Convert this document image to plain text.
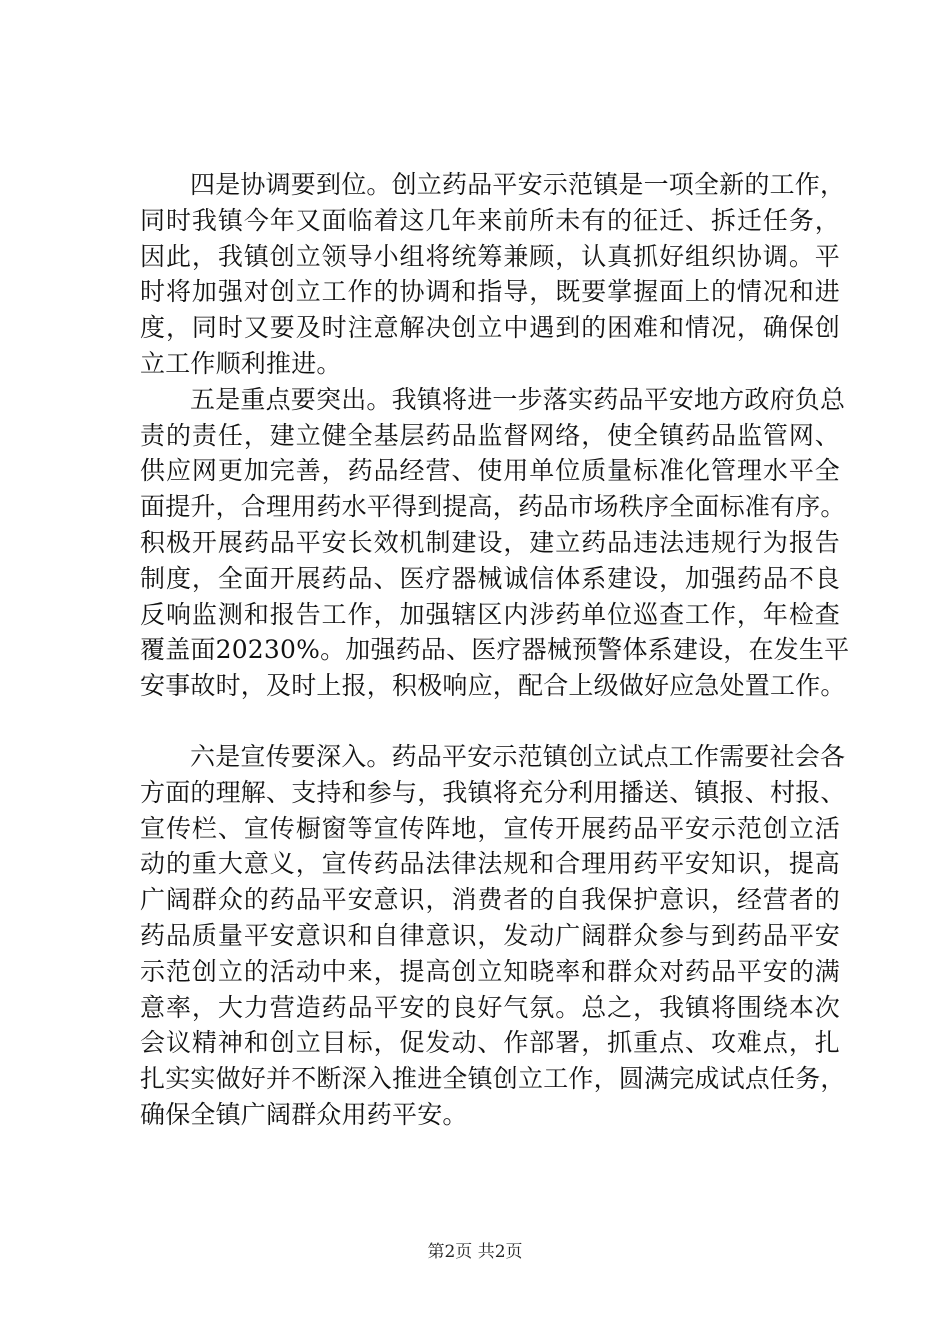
四是协调要到位。创立药品平安示范镇是一项全新的工作，
同时我镇今年又面临着这几年来前所未有的征迁、拆迁任务，
因此，我镇创立领导小组将统筹兼顾，认真抓好组织协调。平
时将加强对创立工作的协调和指导，既要掌握面上的情况和进
度，同时又要及时注意解决创立中遇到的困难和情况，确保创
立工作顺利推进。
五是重点要突出。我镇将进一步落实药品平安地方政府负总
责的责任，建立健全基层药品监督网络，使全镇药品监管网、
供应网更加完善，药品经营、使用单位质量标准化管理水平全
面提升，合理用药水平得到提高，药品市场秩序全面标准有序。
积极开展药品平安长效机制建设，建立药品违法违规行为报告
制度，全面开展药品、医疗器械诚信体系建设，加强药品不良
反响监测和报告工作，加强辖区内涉药单位巡查工作，年检查
覆盖面20230%。加强药品、医疗器械预警体系建设，在发生平
安事故时，及时上报，积极响应，配合上级做好应急处置工作。
六是宣传要深入。药品平安示范镇创立试点工作需要社会各
方面的理解、支持和参与，我镇将充分利用播送、镇报、村报、
宣传栏、宣传橱窗等宣传阵地，宣传开展药品平安示范创立活
动的重大意义，宣传药品法律法规和合理用药平安知识，提高
广阔群众的药品平安意识，消费者的自我保护意识，经营者的
药品质量平安意识和自律意识，发动广阔群众参与到药品平安
示范创立的活动中来，提高创立知晓率和群众对药品平安的满
意率，大力营造药品平安的良好气氛。总之，我镇将围绕本次
会议精神和创立目标，促发动、作部署，抓重点、攻难点，扎
扎实实做好并不断深入推进全镇创立工作，圆满完成试点任务，
确保全镇广阔群众用药平安。
第2页 共2页
